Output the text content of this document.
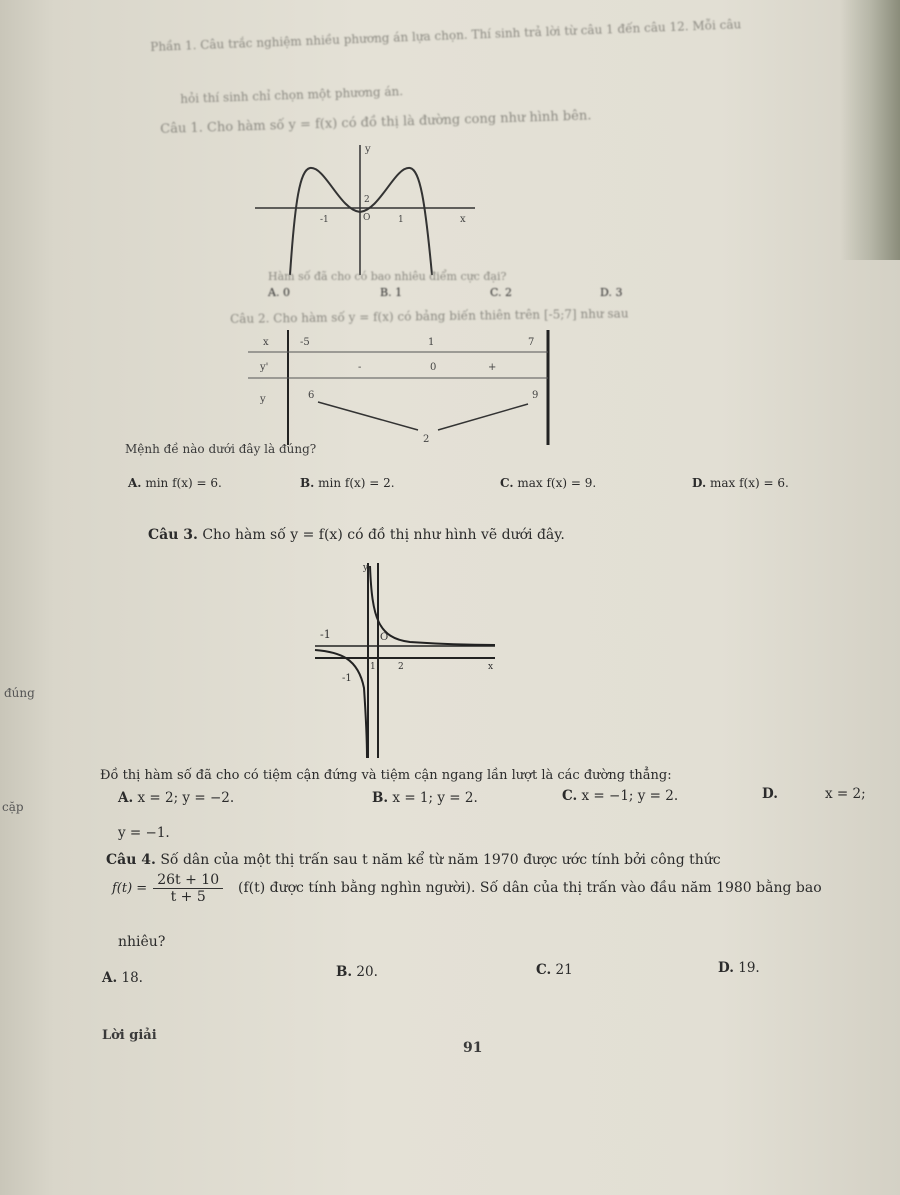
Phần 1. Câu trắc nghiệm nhiều phương án lựa chọn. Thí sinh trả lời từ câu 1 đến câu 12. Mỗi câu
hỏi thí sinh chỉ chọn một phương án.
Câu 1. Cho hàm số y = f(x) có đồ thị là đường cong như hình bên.
y
O
-1	1
2
x
Hàm số đã cho có bao nhiêu điểm cực đại?
A. 0	B. 1	C. 2	D. 3
Câu 2. Cho hàm số y = f(x) có bảng biến thiên trên [-5;7] như sau
x	-5	1	7
y'	-	0	+
y	6	9
2
Mệnh đề nào dưới đây là đúng?
A. min f(x) = 6.	B. min f(x) = 2.	C. max f(x) = 9.	D. max f(x) = 6.
Câu 3. Cho hàm số y = f(x) có đồ thị như hình vẽ dưới đây.
y
O
-1
1 2
-1
x
Đồ thị hàm số đã cho có tiệm cận đứng và tiệm cận ngang lần lượt là các đường thẳng:
A. x = 2; y = −2.	B. x = 1; y = 2.	C. x = −1; y = 2.	D.	x = 2;
y = −1.
Câu 4. Số dân của một thị trấn sau t năm kể từ năm 1970 được ước tính bởi công thức
$f(t) = \frac{26t + 10}{t + 5} (f(t)$ được tính bằng nghìn người). Số dân của thị trấn vào đầu năm 1980 bằng bao
nhiêu?
A. 18.	B. 20.	C. 21	D. 19.
Lời giải
91
đúng
cặp
